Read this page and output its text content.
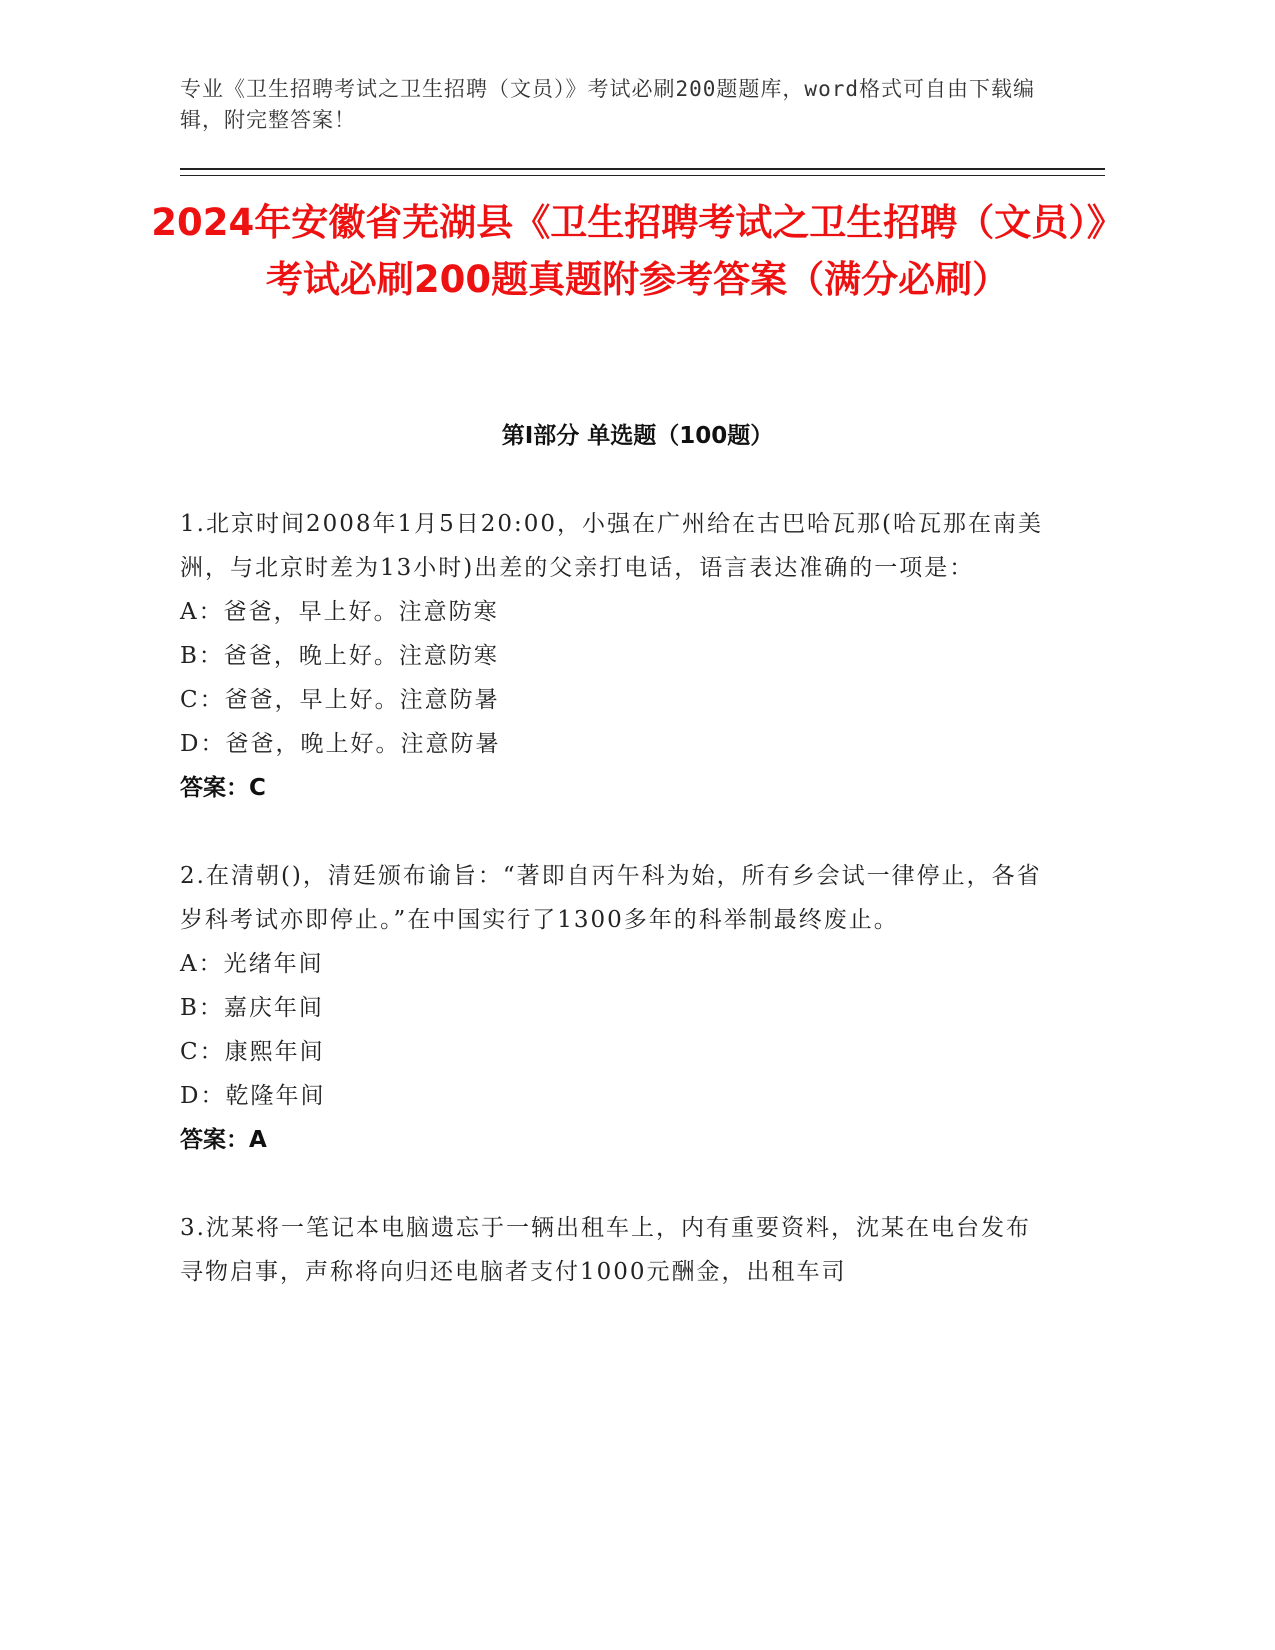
专业《卫生招聘考试之卫生招聘（文员）》考试必刷200题题库，word格式可自由下载编辑，附完整答案！
2024年安徽省芜湖县《卫生招聘考试之卫生招聘（文员）》考试必刷200题真题附参考答案（满分必刷）
第Ⅰ部分 单选题（100题）
1.北京时间2008年1月5日20:00，小强在广州给在古巴哈瓦那(哈瓦那在南美洲，与北京时差为13小时)出差的父亲打电话，语言表达准确的一项是：
A：爸爸，早上好。注意防寒
B：爸爸，晚上好。注意防寒
C：爸爸，早上好。注意防暑
D：爸爸，晚上好。注意防暑
答案：C
2.在清朝()，清廷颁布谕旨：“著即自丙午科为始，所有乡会试一律停止，各省岁科考试亦即停止。”在中国实行了1300多年的科举制最终废止。
A：光绪年间
B：嘉庆年间
C：康熙年间
D：乾隆年间
答案：A
3.沈某将一笔记本电脑遗忘于一辆出租车上，内有重要资料，沈某在电台发布寻物启事，声称将向归还电脑者支付1000元酬金，出租车司
